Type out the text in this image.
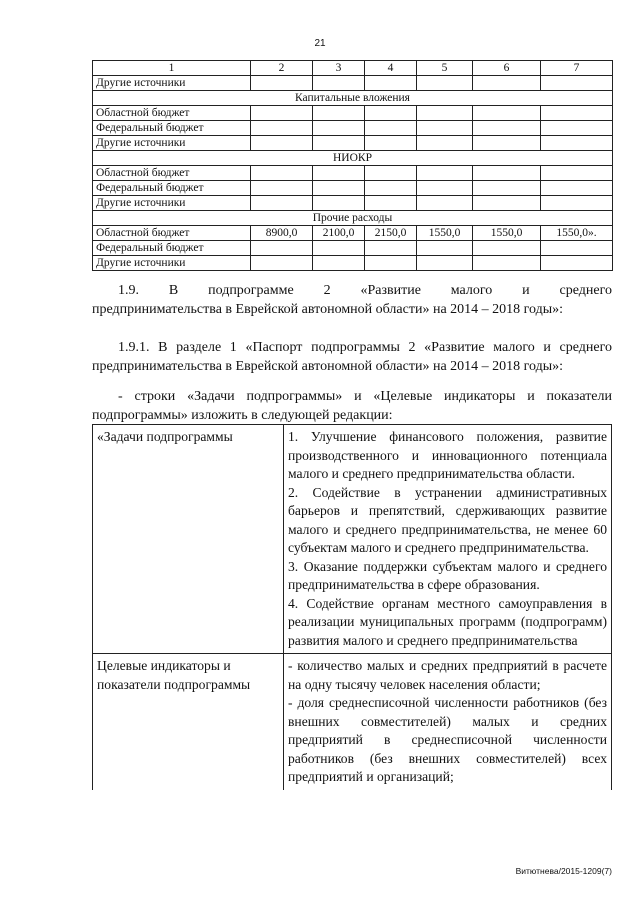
21
1	2	3	4	5	6	7
Другие источники						
Капитальные вложения						
Областной бюджет						
Федеральный бюджет						
Другие источники						
НИОКР						
Областной бюджет						
Федеральный бюджет						
Другие источники						
Прочие расходы						
Областной бюджет	8900,0	2100,0	2150,0	1550,0	1550,0	1550,0».
Федеральный бюджет						
Другие источники						
1.9.    В    подпрограмме    2    «Развитие    малого    и    среднего предпринимательства в Еврейской автономной области» на 2014 – 2018 годы»:
1.9.1. В разделе 1 «Паспорт подпрограммы 2 «Развитие малого и среднего предпринимательства в Еврейской автономной области» на 2014 – 2018 годы»:
- строки «Задачи подпрограммы» и «Целевые индикаторы и показатели подпрограммы» изложить в следующей редакции:
«Задачи подпрограммы	1. Улучшение финансового положения, развитие производственного и инновационного потенциала малого и среднего предпринимательства области.
2. Содействие в устранении административных барьеров и препятствий, сдерживающих развитие малого и среднего предпринимательства, не менее 60 субъектам малого и среднего предпринимательства.
3. Оказание поддержки субъектам малого и среднего предпринимательства в сфере образования.
4. Содействие органам местного самоуправления в реализации муниципальных программ (подпрограмм) развития малого и среднего предпринимательства

Целевые индикаторы и показатели подпрограммы	- количество малых и средних предприятий в расчете на одну тысячу человек населения области;
- доля среднесписочной численности работников (без внешних совместителей) малых и средних предприятий в среднесписочной численности работников (без внешних совместителей) всех предприятий и организаций;
Витютнева/2015-1209(7)
